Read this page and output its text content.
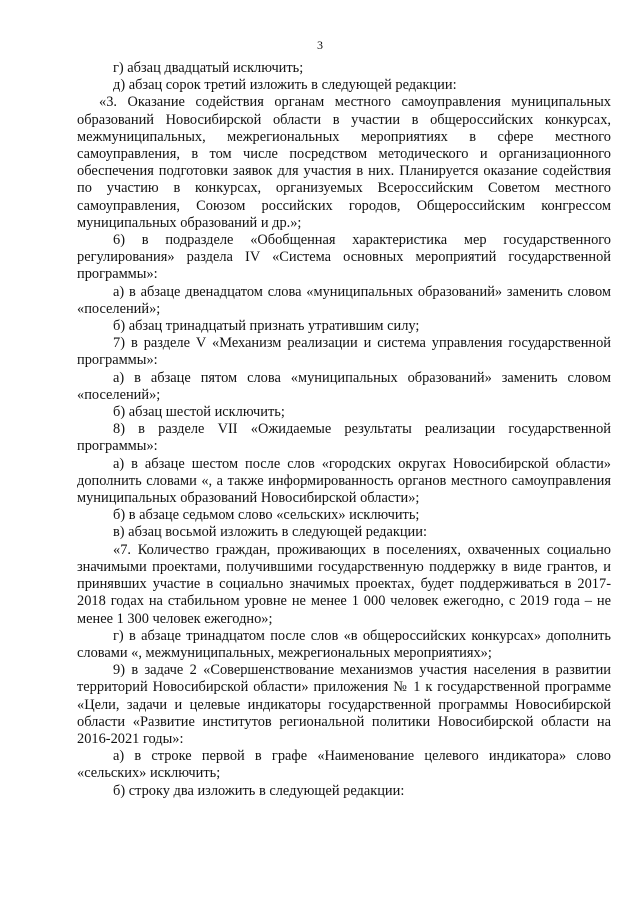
3

г) абзац двадцатый исключить;

д) абзац сорок третий изложить в следующей редакции:

«3. Оказание содействия органам местного самоуправления муниципальных образований Новосибирской области в участии в общероссийских конкурсах, межмуниципальных, межрегиональных мероприятиях в сфере местного самоуправления, в том числе посредством методического и организационного обеспечения подготовки заявок для участия в них. Планируется оказание содействия по участию в конкурсах, организуемых Всероссийским Советом местного самоуправления, Союзом российских городов, Общероссийским конгрессом муниципальных образований и др.»;

6) в подразделе «Обобщенная характеристика мер государственного регулирования» раздела IV «Система основных мероприятий государственной программы»:

а) в абзаце двенадцатом слова «муниципальных образований» заменить словом «поселений»;

б) абзац тринадцатый признать утратившим силу;

7) в разделе V «Механизм реализации и система управления государственной программы»:

а) в абзаце пятом слова «муниципальных образований» заменить словом «поселений»;

б) абзац шестой исключить;

8) в разделе VII «Ожидаемые результаты реализации государственной программы»:

а) в абзаце шестом после слов «городских округах Новосибирской области» дополнить словами «, а также информированность органов местного самоуправления муниципальных образований Новосибирской области»;

б) в абзаце седьмом слово «сельских» исключить;

в) абзац восьмой изложить в следующей редакции:

«7. Количество граждан, проживающих в поселениях, охваченных социально значимыми проектами, получившими государственную поддержку в виде грантов, и принявших участие в социально значимых проектах, будет поддерживаться в 2017-2018 годах на стабильном уровне не менее 1 000 человек ежегодно, с 2019 года – не менее 1 300 человек ежегодно»;

г) в абзаце тринадцатом после слов «в общероссийских конкурсах» дополнить словами «, межмуниципальных, межрегиональных мероприятиях»;

9) в задаче 2 «Совершенствование механизмов участия населения в развитии территорий Новосибирской области» приложения № 1 к государственной программе «Цели, задачи и целевые индикаторы государственной программы Новосибирской области «Развитие институтов региональной политики Новосибирской области на 2016-2021 годы»:

а) в строке первой в графе «Наименование целевого индикатора» слово «сельских» исключить;

б) строку два изложить в следующей редакции:
